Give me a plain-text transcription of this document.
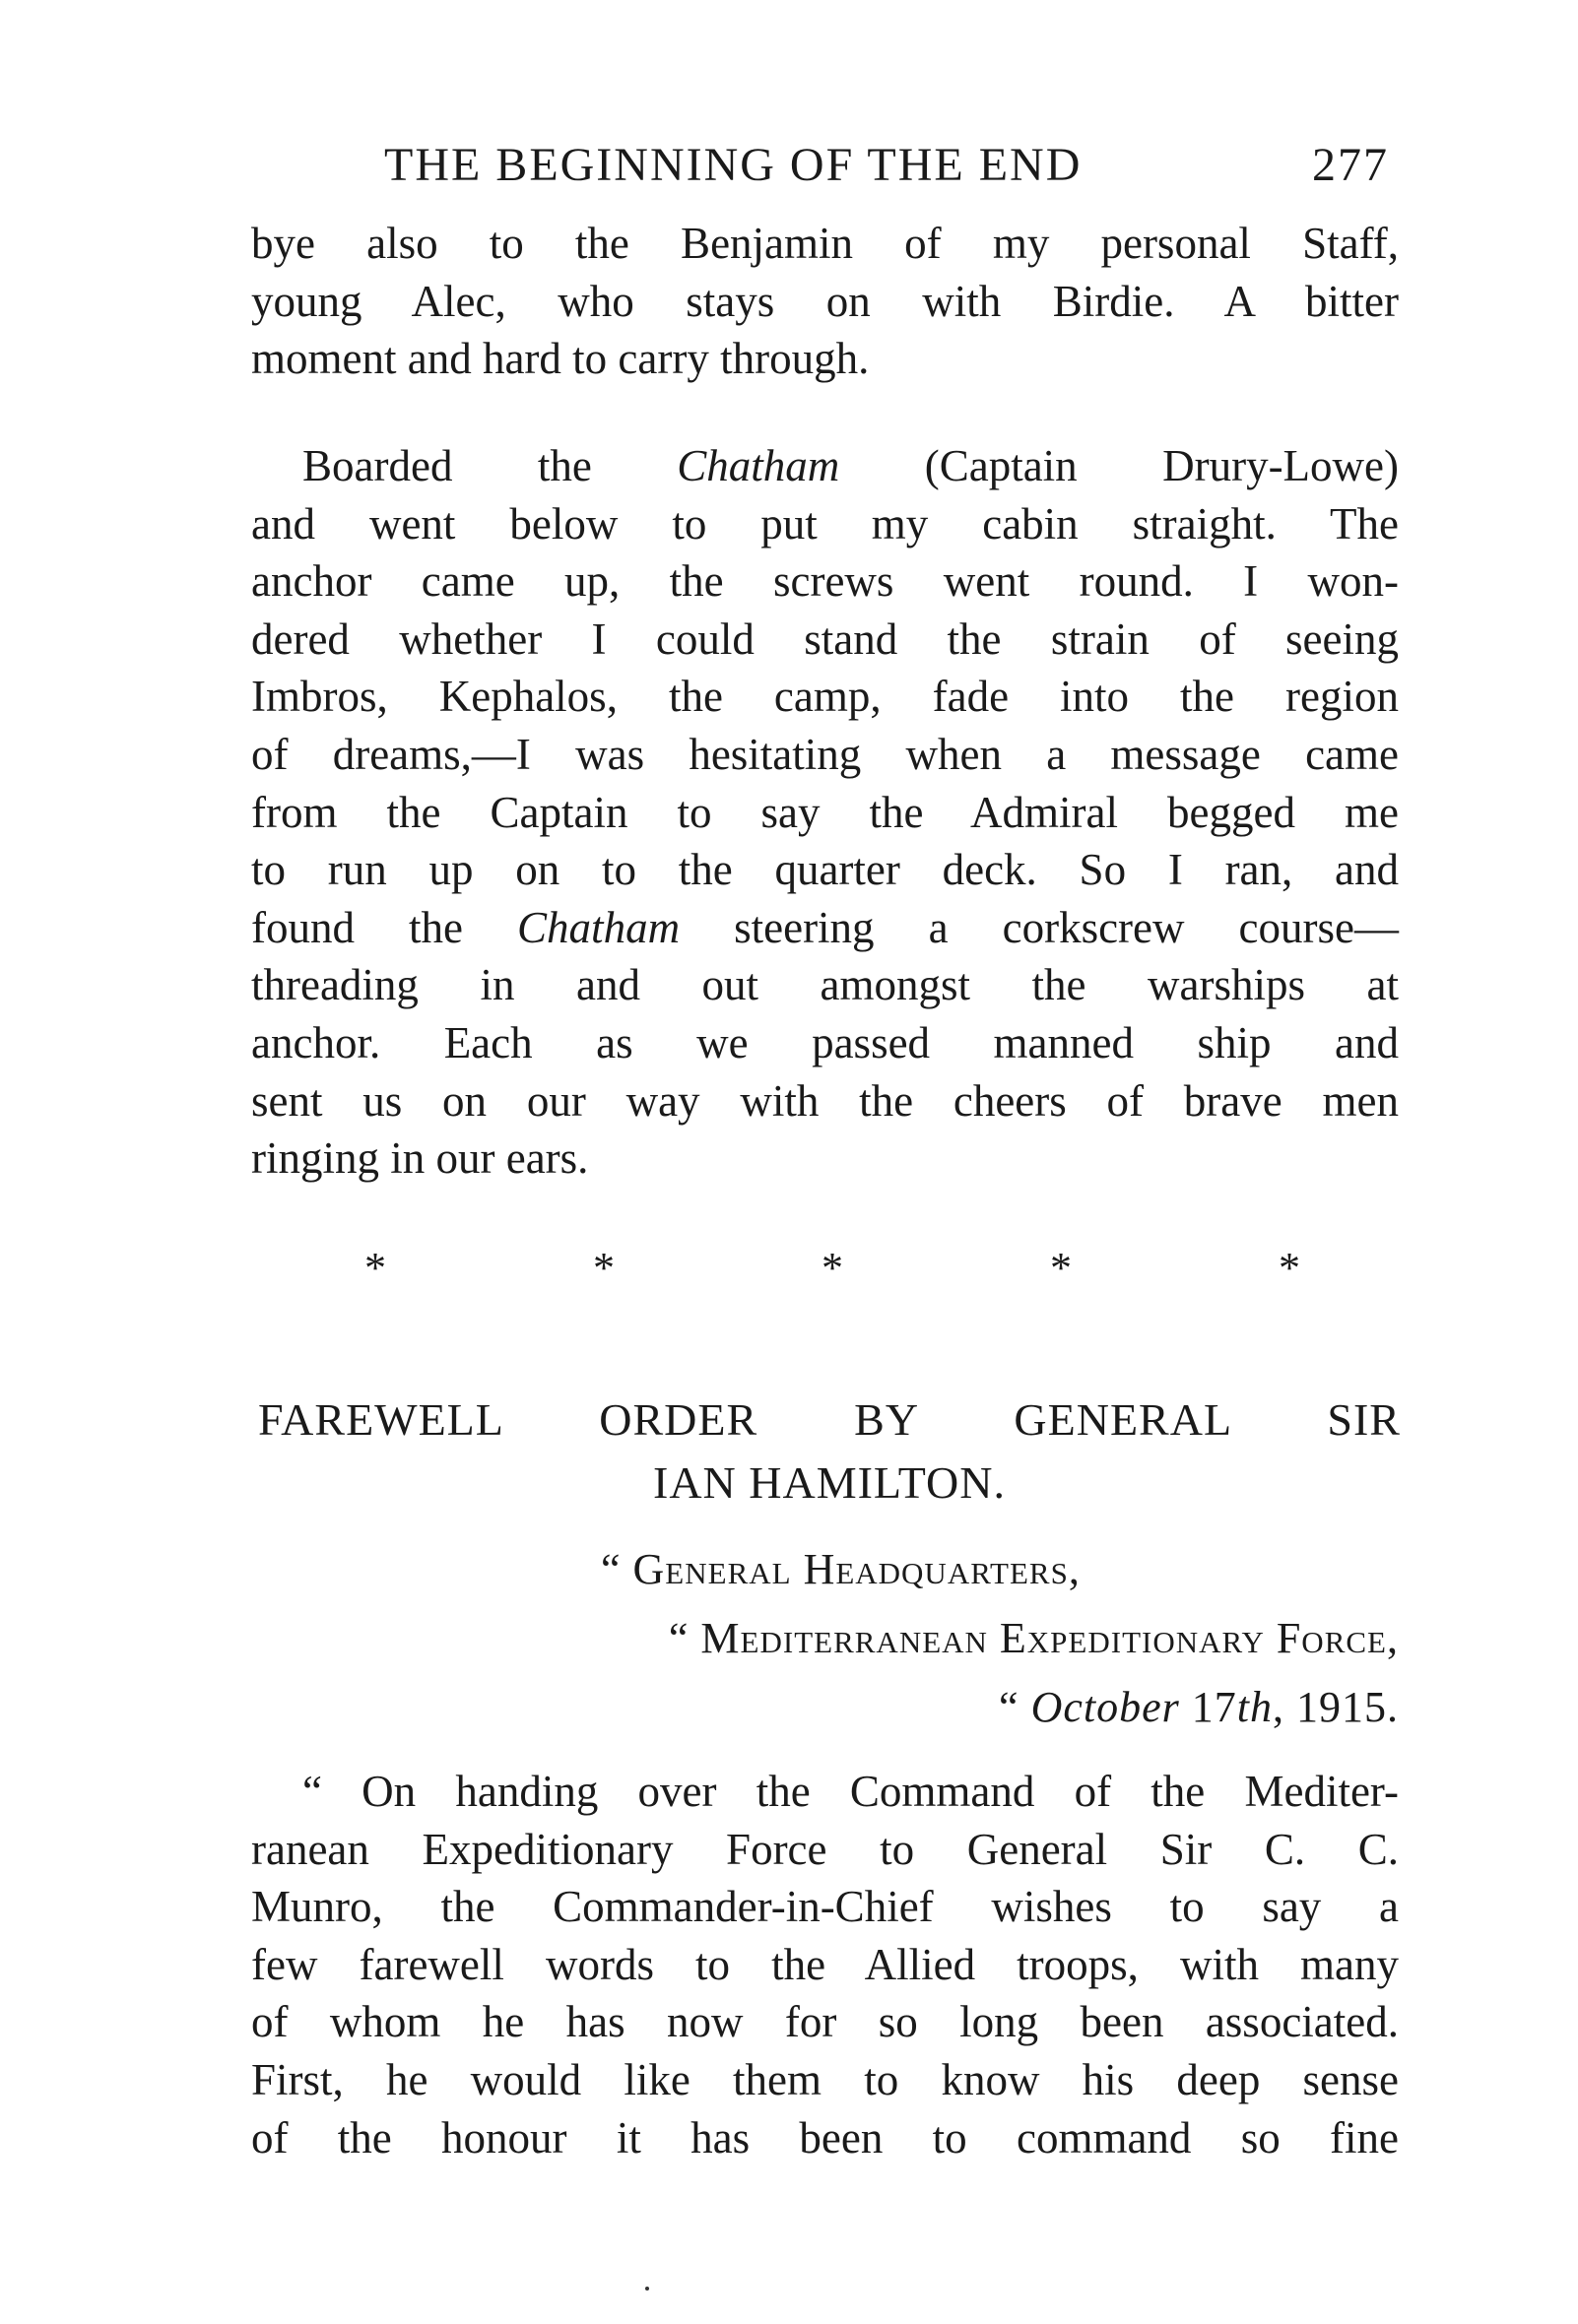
THE BEGINNING OF THE END	277
bye also to the Benjamin of my personal Staff,
young Alec, who stays on with Birdie. A bitter
moment and hard to carry through.
Boarded the Chatham (Captain Drury-Lowe)
and went below to put my cabin straight. The
anchor came up, the screws went round. I won-
dered whether I could stand the strain of seeing
Imbros, Kephalos, the camp, fade into the region
of dreams,—I was hesitating when a message came
from the Captain to say the Admiral begged me
to run up on to the quarter deck. So I ran, and
found the Chatham steering a corkscrew course—
threading in and out amongst the warships at
anchor. Each as we passed manned ship and
sent us on our way with the cheers of brave men
ringing in our ears.
*	*	*	*	*
FAREWELL ORDER BY GENERAL SIR
IAN HAMILTON.
“ General Headquarters,
“ Mediterranean Expeditionary Force,
“ October 17th, 1915.
“ On handing over the Command of the Mediter-
ranean Expeditionary Force to General Sir C. C.
Munro, the Commander-in-Chief wishes to say a
few farewell words to the Allied troops, with many
of whom he has now for so long been associated.
First, he would like them to know his deep sense
of the honour it has been to command so fine
